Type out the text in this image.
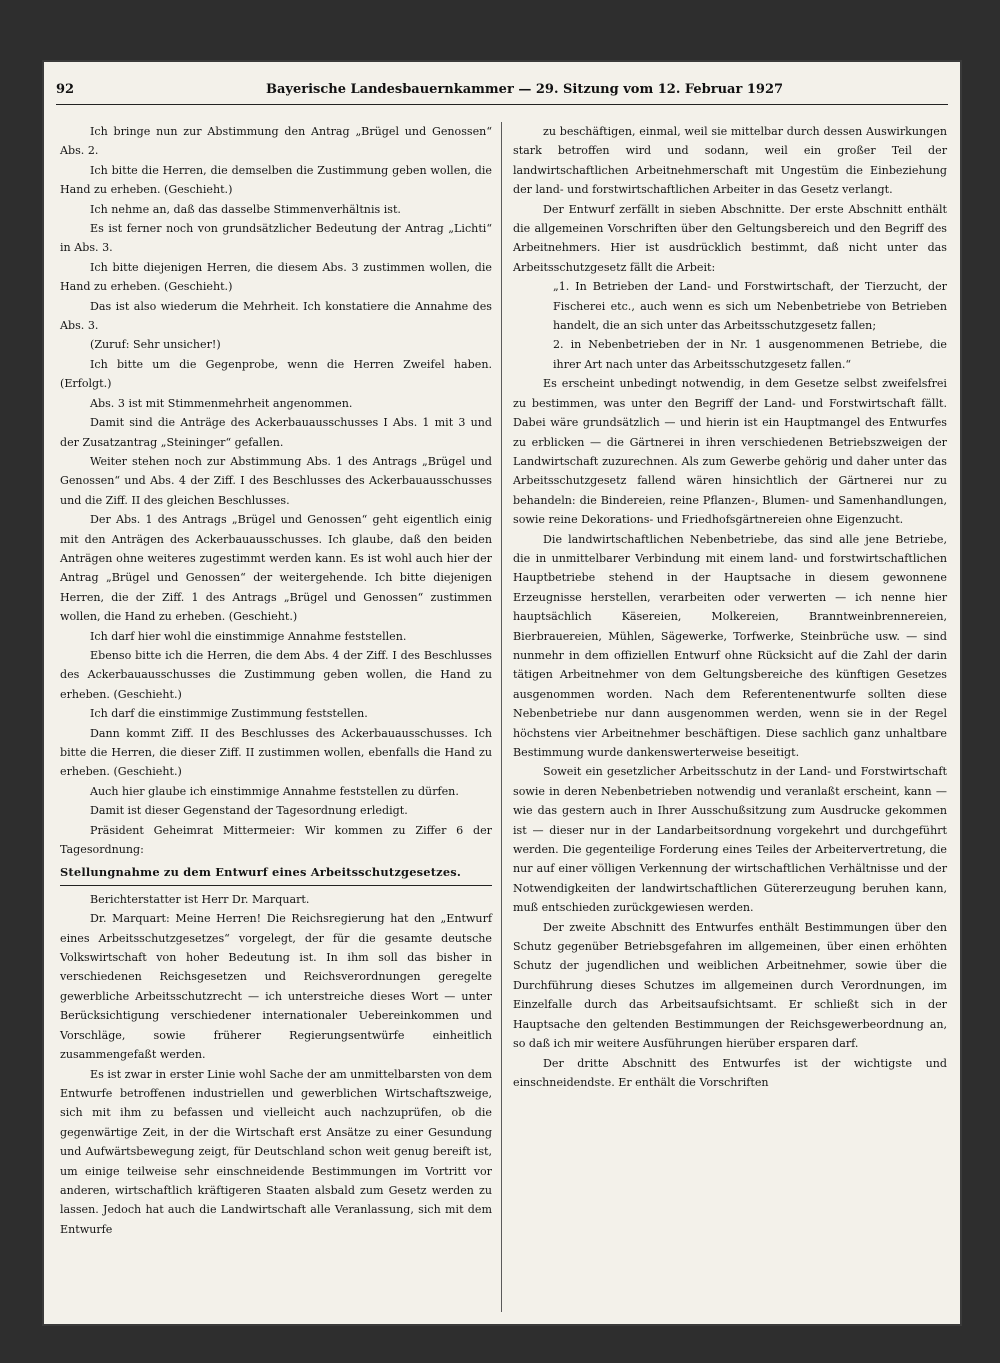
92	Bayerische Landesbauernkammer — 29. Sitzung vom 12. Februar 1927

Ich bringe nun zur Abstimmung den Antrag „Brügel und Genossen“ Abs. 2.

Ich bitte die Herren, die demselben die Zustimmung geben wollen, die Hand zu erheben. (Geschieht.)

Ich nehme an, daß das dasselbe Stimmenverhältnis ist.

Es ist ferner noch von grundsätzlicher Bedeutung der Antrag „Lichti“ in Abs. 3.

Ich bitte diejenigen Herren, die diesem Abs. 3 zustimmen wollen, die Hand zu erheben. (Geschieht.)

Das ist also wiederum die Mehrheit. Ich konstatiere die Annahme des Abs. 3.

(Zuruf: Sehr unsicher!)

Ich bitte um die Gegenprobe, wenn die Herren Zweifel haben. (Erfolgt.)

Abs. 3 ist mit Stimmenmehrheit angenommen.

Damit sind die Anträge des Ackerbauausschusses I Abs. 1 mit 3 und der Zusatzantrag „Steininger“ gefallen.

Weiter stehen noch zur Abstimmung Abs. 1 des Antrags „Brügel und Genossen“ und Abs. 4 der Ziff. I des Beschlusses des Ackerbauausschusses und die Ziff. II des gleichen Beschlusses.

Der Abs. 1 des Antrags „Brügel und Genossen“ geht eigentlich einig mit den Anträgen des Ackerbauausschusses. Ich glaube, daß den beiden Anträgen ohne weiteres zugestimmt werden kann. Es ist wohl auch hier der Antrag „Brügel und Genossen“ der weitergehende. Ich bitte diejenigen Herren, die der Ziff. 1 des Antrags „Brügel und Genossen“ zustimmen wollen, die Hand zu erheben. (Geschieht.)

Ich darf hier wohl die einstimmige Annahme feststellen.

Ebenso bitte ich die Herren, die dem Abs. 4 der Ziff. I des Beschlusses des Ackerbauausschusses die Zustimmung geben wollen, die Hand zu erheben. (Geschieht.)

Ich darf die einstimmige Zustimmung feststellen.

Dann kommt Ziff. II des Beschlusses des Ackerbauausschusses. Ich bitte die Herren, die dieser Ziff. II zustimmen wollen, ebenfalls die Hand zu erheben. (Geschieht.)

Auch hier glaube ich einstimmige Annahme feststellen zu dürfen.

Damit ist dieser Gegenstand der Tagesordnung erledigt.

Präsident Geheimrat Mittermeier: Wir kommen zu Ziffer 6 der Tagesordnung:

Stellungnahme zu dem Entwurf eines Arbeitsschutzgesetzes.

Berichterstatter ist Herr Dr. Marquart.

Dr. Marquart: Meine Herren! Die Reichsregierung hat den „Entwurf eines Arbeitsschutzgesetzes“ vorgelegt, der für die gesamte deutsche Volkswirtschaft von hoher Bedeutung ist. In ihm soll das bisher in verschiedenen Reichsgesetzen und Reichsverordnungen geregelte gewerbliche Arbeitsschutzrecht — ich unterstreiche dieses Wort — unter Berücksichtigung verschiedener internationaler Uebereinkommen und Vorschläge, sowie früherer Regierungsentwürfe einheitlich zusammengefaßt werden.

Es ist zwar in erster Linie wohl Sache der am unmittelbarsten von dem Entwurfe betroffenen industriellen und gewerblichen Wirtschaftszweige, sich mit ihm zu befassen und vielleicht auch nachzuprüfen, ob die gegenwärtige Zeit, in der die Wirtschaft erst Ansätze zu einer Gesundung und Aufwärtsbewegung zeigt, für Deutschland schon weit genug bereift ist, um einige teilweise sehr einschneidende Bestimmungen im Vortritt vor anderen, wirtschaftlich kräftigeren Staaten alsbald zum Gesetz werden zu lassen. Jedoch hat auch die Landwirtschaft alle Veranlassung, sich mit dem Entwurfe

zu beschäftigen, einmal, weil sie mittelbar durch dessen Auswirkungen stark betroffen wird und sodann, weil ein großer Teil der landwirtschaftlichen Arbeitnehmerschaft mit Ungestüm die Einbeziehung der land- und forstwirtschaftlichen Arbeiter in das Gesetz verlangt.

Der Entwurf zerfällt in sieben Abschnitte. Der erste Abschnitt enthält die allgemeinen Vorschriften über den Geltungsbereich und den Begriff des Arbeitnehmers. Hier ist ausdrücklich bestimmt, daß nicht unter das Arbeitsschutzgesetz fällt die Arbeit:

„1. In Betrieben der Land- und Forstwirtschaft, der Tierzucht, der Fischerei etc., auch wenn es sich um Nebenbetriebe von Betrieben handelt, die an sich unter das Arbeitsschutzgesetz fallen;
2. in Nebenbetrieben der in Nr. 1 ausgenommenen Betriebe, die ihrer Art nach unter das Arbeitsschutzgesetz fallen.“

Es erscheint unbedingt notwendig, in dem Gesetze selbst zweifelsfrei zu bestimmen, was unter den Begriff der Land- und Forstwirtschaft fällt. Dabei wäre grundsätzlich — und hierin ist ein Hauptmangel des Entwurfes zu erblicken — die Gärtnerei in ihren verschiedenen Betriebszweigen der Landwirtschaft zuzurechnen. Als zum Gewerbe gehörig und daher unter das Arbeitsschutzgesetz fallend wären hinsichtlich der Gärtnerei nur zu behandeln: die Bindereien, reine Pflanzen-, Blumen- und Samenhandlungen, sowie reine Dekorations- und Friedhofsgärtnereien ohne Eigenzucht.

Die landwirtschaftlichen Nebenbetriebe, das sind alle jene Betriebe, die in unmittelbarer Verbindung mit einem land- und forstwirtschaftlichen Hauptbetriebe stehend in der Hauptsache in diesem gewonnene Erzeugnisse herstellen, verarbeiten oder verwerten — ich nenne hier hauptsächlich Käsereien, Molkereien, Branntweinbrennereien, Bierbrauereien, Mühlen, Sägewerke, Torfwerke, Steinbrüche usw. — sind nunmehr in dem offiziellen Entwurf ohne Rücksicht auf die Zahl der darin tätigen Arbeitnehmer von dem Geltungsbereiche des künftigen Gesetzes ausgenommen worden. Nach dem Referentenentwurfe sollten diese Nebenbetriebe nur dann ausgenommen werden, wenn sie in der Regel höchstens vier Arbeitnehmer beschäftigen. Diese sachlich ganz unhaltbare Bestimmung wurde dankenswerterweise beseitigt.

Soweit ein gesetzlicher Arbeitsschutz in der Land- und Forstwirtschaft sowie in deren Nebenbetrieben notwendig und veranlaßt erscheint, kann — wie das gestern auch in Ihrer Ausschußsitzung zum Ausdrucke gekommen ist — dieser nur in der Landarbeitsordnung vorgekehrt und durchgeführt werden. Die gegenteilige Forderung eines Teiles der Arbeitervertretung, die nur auf einer völligen Verkennung der wirtschaftlichen Verhältnisse und der Notwendigkeiten der landwirtschaftlichen Gütererzeugung beruhen kann, muß entschieden zurückgewiesen werden.

Der zweite Abschnitt des Entwurfes enthält Bestimmungen über den Schutz gegenüber Betriebsgefahren im allgemeinen, über einen erhöhten Schutz der jugendlichen und weiblichen Arbeitnehmer, sowie über die Durchführung dieses Schutzes im allgemeinen durch Verordnungen, im Einzelfalle durch das Arbeitsaufsichtsamt. Er schließt sich in der Hauptsache den geltenden Bestimmungen der Reichsgewerbeordnung an, so daß ich mir weitere Ausführungen hierüber ersparen darf.

Der dritte Abschnitt des Entwurfes ist der wichtigste und einschneidendste. Er enthält die Vorschriften
